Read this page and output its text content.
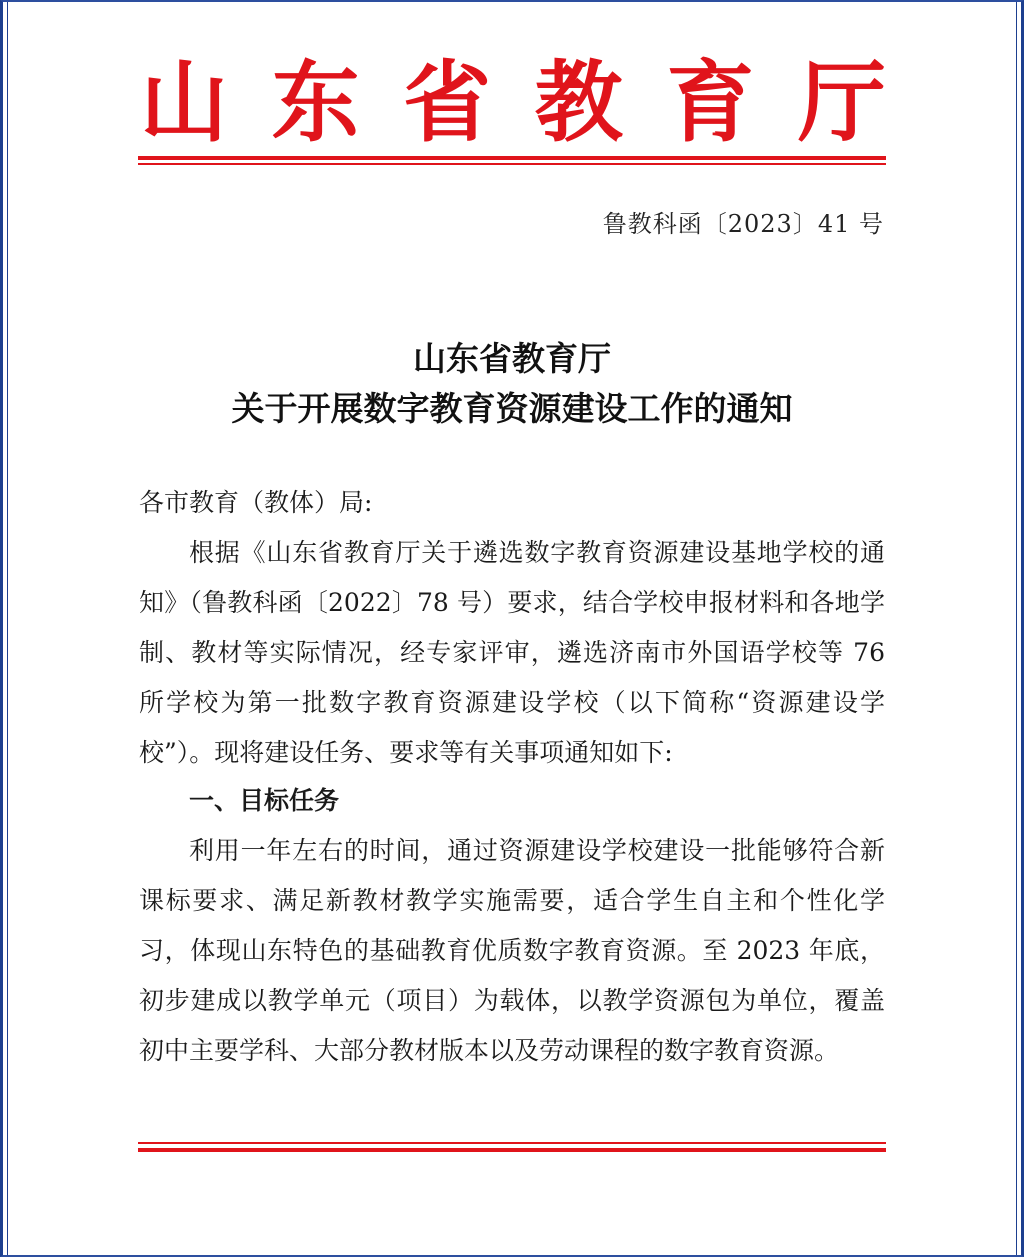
山 东 省 教 育 厅
鲁教科函〔2023〕41 号
山东省教育厅
关于开展数字教育资源建设工作的通知
各市教育（教体）局:

根据《山东省教育厅关于遴选数字教育资源建设基地学校的通知》（鲁教科函〔2022〕78 号）要求，结合学校申报材料和各地学制、教材等实际情况，经专家评审，遴选济南市外国语学校等 76 所学校为第一批数字教育资源建设学校（以下简称“资源建设学校”）。现将建设任务、要求等有关事项通知如下:

一、目标任务

利用一年左右的时间，通过资源建设学校建设一批能够符合新课标要求、满足新教材教学实施需要，适合学生自主和个性化学习，体现山东特色的基础教育优质数字教育资源。至 2023 年底，初步建成以教学单元（项目）为载体，以教学资源包为单位，覆盖初中主要学科、大部分教材版本以及劳动课程的数字教育资源。
